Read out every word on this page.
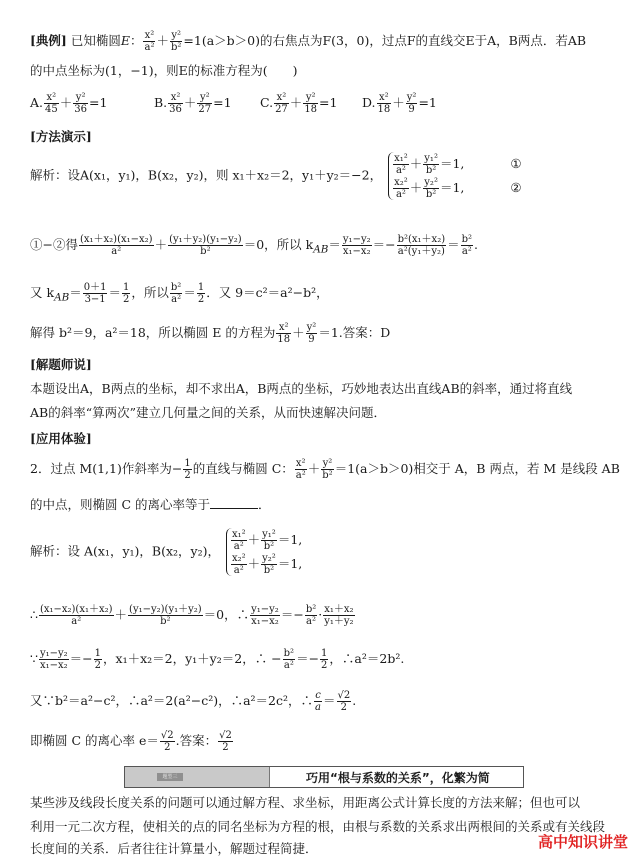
[典例] 已知椭圆E： $\frac{\text{x²}}{\text{a²}} + \frac{\text{y²}}{\text{b²}} =1(a>b>0)$的右焦点为F(3，0)，过点F的直线交E于A，B两点．若AB
的中点坐标为(1，−1)，则E的标准方程为(　　)
A. $\frac{\text{x²}}{45} + \frac{\text{y²}}{36} =1$	B. $\frac{\text{x²}}{36} + \frac{\text{y²}}{27} =1$ C. $\frac{\text{x²}}{27} + \frac{\text{y²}}{18} =1$ D. $\frac{\text{x²}}{18} + \frac{\text{y²}}{9} =1$
[方法演示]
解析：设A(x₁，y₁)，B(x₂，y₂)，则 x₁＋x₂＝2，y₁＋y₂＝−2， $\frac{\text{x₁²}}{\text{a²}} + \frac{\text{y₁²}}{\text{b²}} =1$,
$\frac{\text{x₂²}}{\text{a²}} + \frac{\text{y₂²}}{\text{b²}} =1$,

①
②
①−②得 $\frac{\text{(x₁＋x₂)(x₁−x₂)}}{\text{a²}} + \frac{\text{(y₁＋y₂)(y₁−y₂)}}{\text{b²}} =0$，所以 $k_{AB}= \frac{\text{y₁−y₂}}{\text{x₁−x₂}} =- \frac{\text{b²(x₁＋x₂)}}{\text{a²(y₁＋y₂)}} = \frac{\text{b²}}{\text{a²}}$ .
又 $k_{AB}= \frac{0+1}{3-1} = \frac{1}{2}$ ，所以 $\frac{\text{b²}}{\text{a²}} = \frac{1}{2}$ ．又 9＝c²＝a²−b²，
解得 b²＝9，a²＝18，所以椭圆 E 的方程为 $\frac{\text{x²}}{18} + \frac{\text{y²}}{9} =1$.答案：D
[解题师说]
本题设出A，B两点的坐标，却不求出A，B两点的坐标，巧妙地表达出直线AB的斜率，通过将直线
AB的斜率“算两次”建立几何量之间的关系，从而快速解决问题．
[应用体验]
2．过点 M(1,1)作斜率为− $\frac{1}{2}$ 的直线与椭圆 C： $\frac{\text{x²}}{\text{a²}} + \frac{\text{y²}}{\text{b²}} =1(a>b>0)$相交于 A，B 两点，若 M 是线段 AB
的中点，则椭圆 C 的离心率等于	．
解析：设 A(x₁，y₁)，B(x₂，y₂)， $\frac{\text{x₁²}}{\text{a²}} + \frac{\text{y₁²}}{\text{b²}} =1$,
$\frac{\text{x₂²}}{\text{a²}} + \frac{\text{y₂²}}{\text{b²}} =1$,
∴ $\frac{\text{(x₁−x₂)(x₁＋x₂)}}{\text{a²}} + \frac{\text{(y₁−y₂)(y₁＋y₂)}}{\text{b²}} =0$，∴ $\frac{\text{y₁−y₂}}{\text{x₁−x₂}} =- \frac{\text{b²}}{\text{a²}} \cdot \frac{\text{x₁＋x₂}}{\text{y₁＋y₂}}$
∵ $\frac{\text{y₁−y₂}}{\text{x₁−x₂}} =- \frac{1}{2}$ ，x₁＋x₂＝2，y₁＋y₂＝2，∴ − $\frac{\text{b²}}{\text{a²}} =- \frac{1}{2}$ ，∴a²＝2b².
又∵b²＝a²−c²，∴a²＝2(a²−c²)，∴a²＝2c²，∴ $\frac{c}{a} = \frac{√2}{2}$ .
即椭圆 C 的离心率 $e= \frac{√2}{2}$ .答案： $\frac{√2}{2}$
题型三	巧用“根与系数的关系”，化繁为简
某些涉及线段长度关系的问题可以通过解方程、求坐标，用距离公式计算长度的方法来解；但也可以
利用一元二次方程，使相关的点的同名坐标为方程的根，由根与系数的关系求出两根间的关系或有关线段
长度间的关系．后者往往计算量小，解题过程简捷．	高中知识讲堂
